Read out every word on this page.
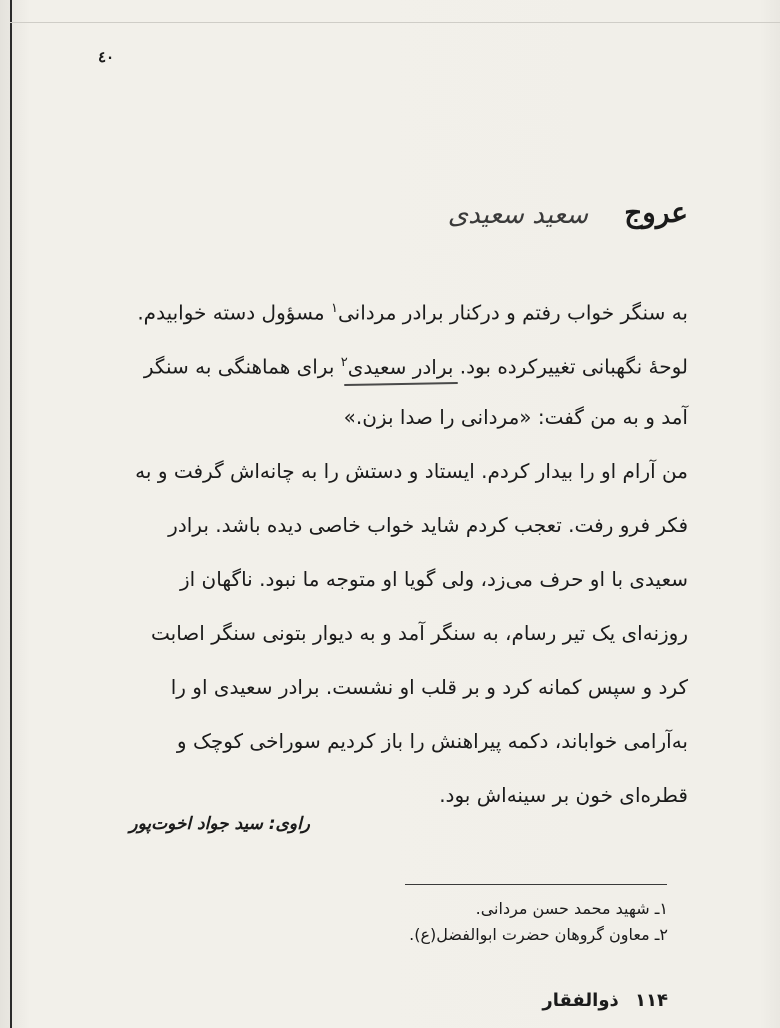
٤٠
عروج
سعید سعیدی
به سنگر خواب رفتم و درکنار برادر مردانی$^۱$ مسؤول دسته خوابیدم.
لوحهٔ نگهبانی تغییرکرده بود. برادر سعیدی$^۲$ برای هماهنگی به سنگر
آمد و به من گفت: «مردانی را صدا بزن.»
من آرام او را بیدار کردم. ایستاد و دستش را به چانه‌اش گرفت و به
فکر فرو رفت. تعجب کردم شاید خواب خاصی دیده باشد. برادر
سعیدی با او حرف می‌زد، ولی گویا او متوجه ما نبود. ناگهان از
روزنه‌ای یک تیر رسام، به سنگر آمد و به دیوار بتونی سنگر اصابت
کرد و سپس کمانه کرد و بر قلب او نشست. برادر سعیدی او را
به‌آرامی خواباند، دکمه پیراهنش را باز کردیم سوراخی کوچک و
قطره‌ای خون بر سینه‌اش بود.
راوی: سید جواد اخوت‌پور
۱ـ شهید محمد حسن مردانی.
۲ـ معاون گروهان حضرت ابوالفضل(ع).
۱۱۴ ذوالفقار
